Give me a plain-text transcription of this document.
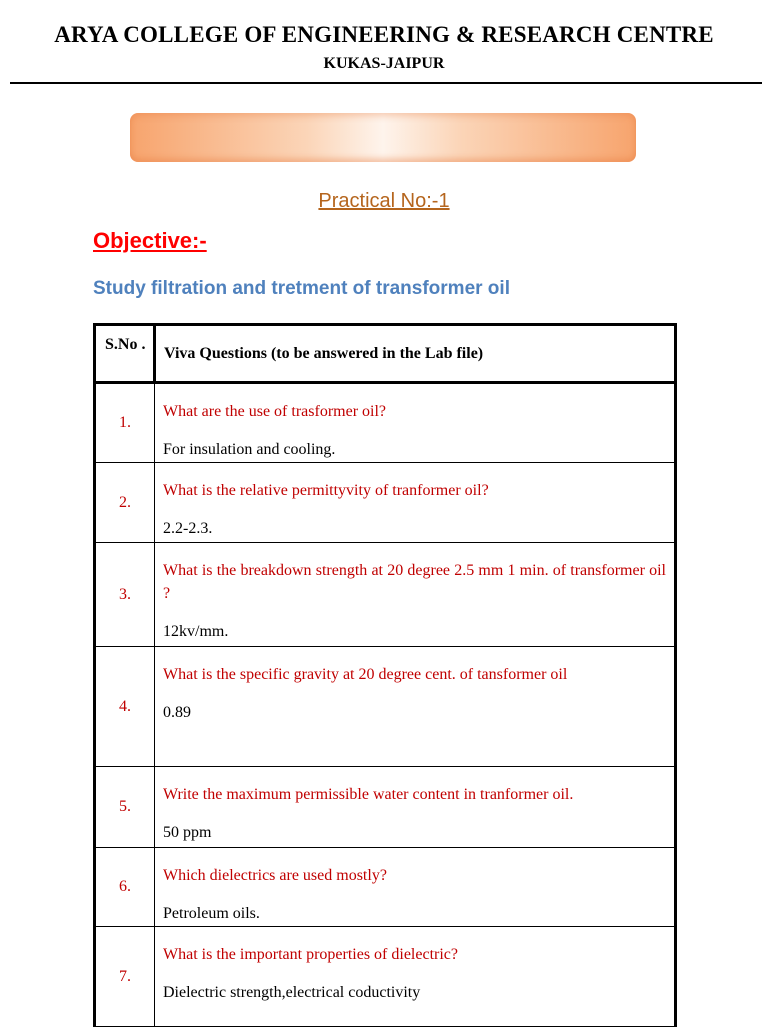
ARYA COLLEGE OF ENGINEERING & RESEARCH CENTRE
KUKAS-JAIPUR
Practical No:-1
Objective:-
Study filtration and tretment of transformer oil
S.No .	Viva Questions (to be answered in the Lab file)
1.	What are the use of trasformer oil?
For insulation and cooling.

2.	What is the relative permittyvity of tranformer oil?
2.2-2.3.

3.	What is the breakdown strength at 20 degree 2.5 mm 1 min. of transformer oil ?
12kv/mm.

4.	What is the specific gravity at 20 degree cent. of tansformer oil
0.89

5.	Write the maximum permissible water content in tranformer oil.
50 ppm

6.	Which dielectrics are used mostly?
Petroleum oils.

7.	What is the important properties of dielectric?
Dielectric strength,electrical coductivity
